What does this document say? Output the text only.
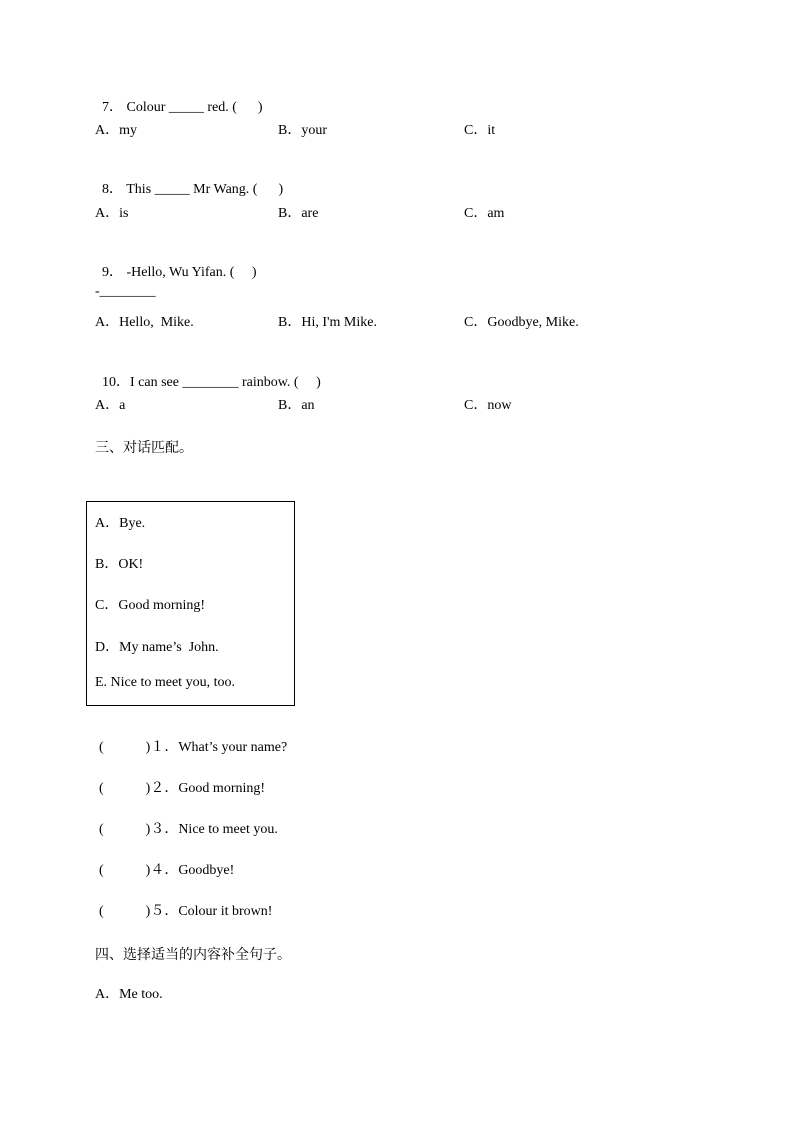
7． Colour _____ red. (　  )

A．my	B．your	C．it

8． This _____ Mr Wang. (　  )

A．is	B．are	C．am

9． -Hello, Wu Yifan. (　 )

-________
A．Hello,  Mike.	B．Hi, I'm Mike.	C．Goodbye, Mike.

10．I can see ________ rainbow. (　 )

A．a	B．an	C．now
三、对话匹配。
A．Bye.
B．OK!
C．Good morning!
D．My name’s  John.
E. Nice to meet you, too.
(　　　)１．What’s your name?
(　　　)２．Good morning!
(　　　)３．Nice to meet you.
(　　　)４．Goodbye!
(　　　)５．Colour it brown!
四、选择适当的内容补全句子。
A．Me too.
